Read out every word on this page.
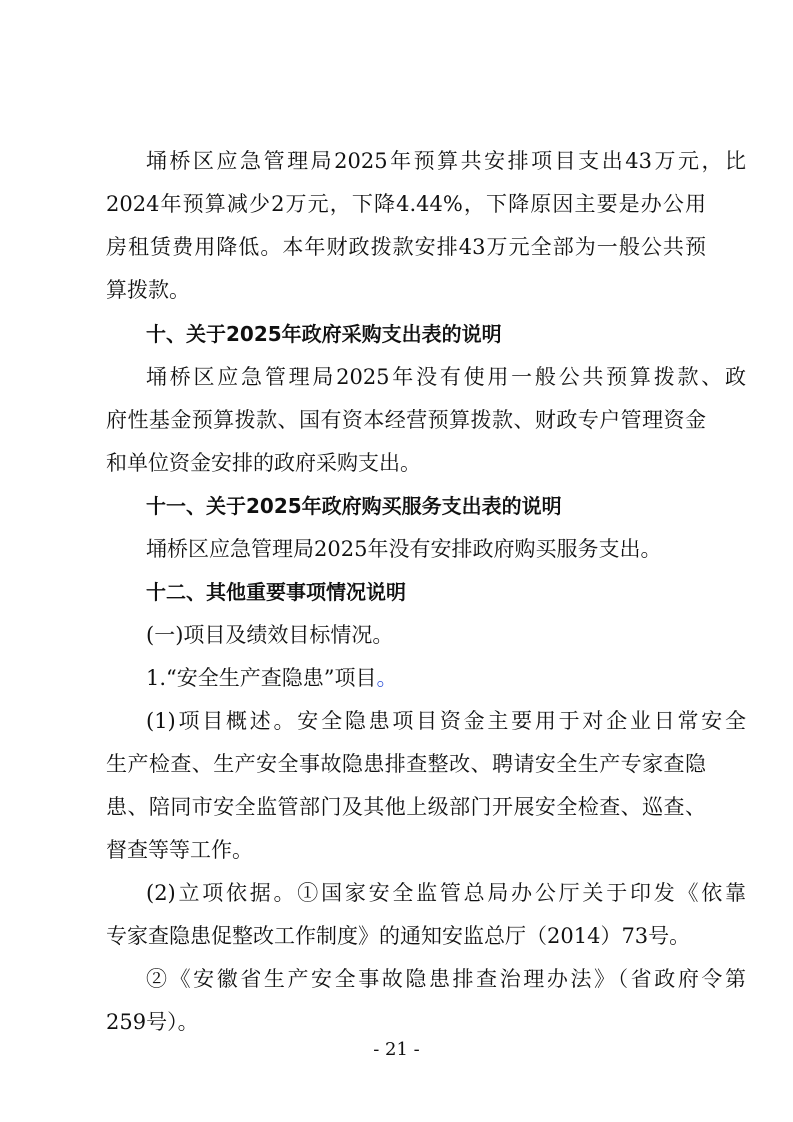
埇桥区应急管理局2025年预算共安排项目支出43万元，比
2024年预算减少2万元，下降4.44%，下降原因主要是办公用
房租赁费用降低。本年财政拨款安排43万元全部为一般公共预
算拨款。
十、关于2025年政府采购支出表的说明
埇桥区应急管理局2025年没有使用一般公共预算拨款、政
府性基金预算拨款、国有资本经营预算拨款、财政专户管理资金
和单位资金安排的政府采购支出。
十一、关于2025年政府购买服务支出表的说明
埇桥区应急管理局2025年没有安排政府购买服务支出。
十二、其他重要事项情况说明
(一)项目及绩效目标情况。
1.“安全生产查隐患”项目。
(1)项目概述。安全隐患项目资金主要用于对企业日常安全
生产检查、生产安全事故隐患排查整改、聘请安全生产专家查隐
患、陪同市安全监管部门及其他上级部门开展安全检查、巡查、
督查等等工作。
(2)立项依据。①国家安全监管总局办公厅关于印发《依靠
专家查隐患促整改工作制度》的通知安监总厅（2014）73号。
②《安徽省生产安全事故隐患排查治理办法》（省政府令第
259号）。
- 21 -
